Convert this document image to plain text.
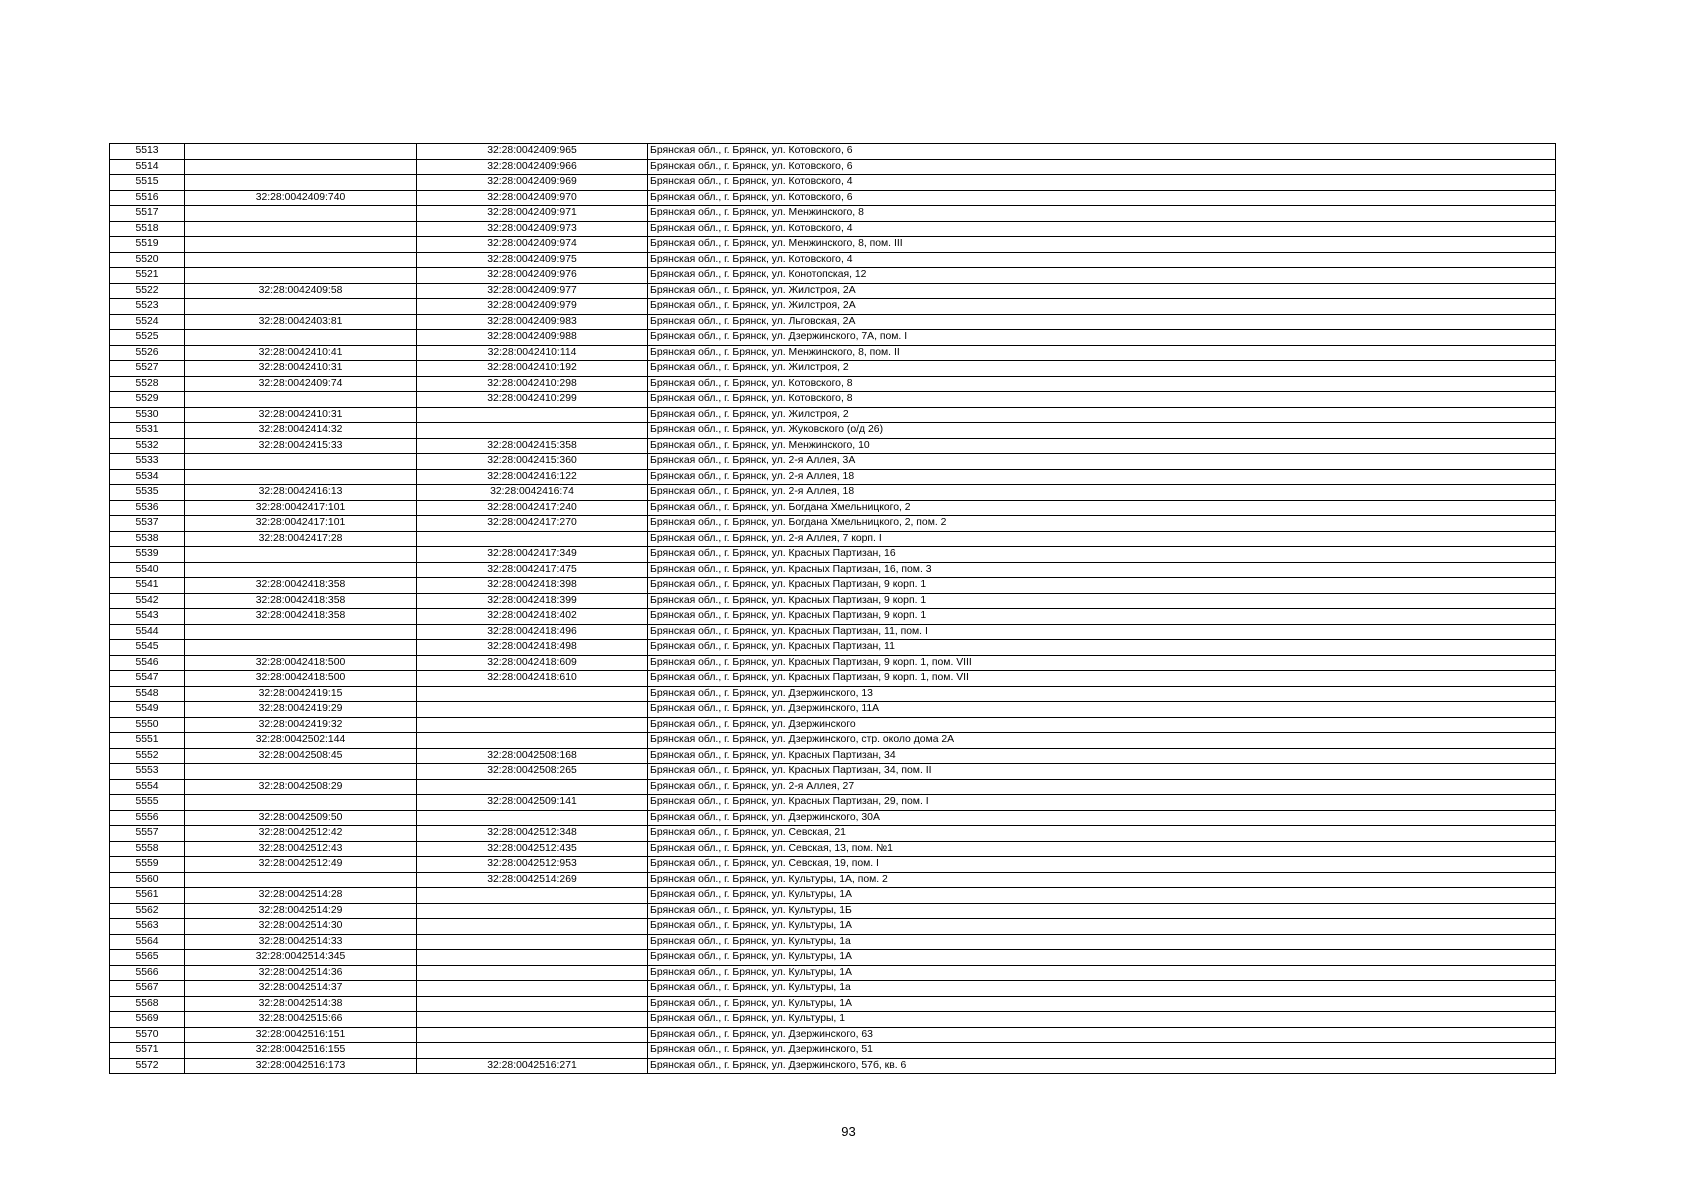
5513		32:28:0042409:965	Брянская обл., г. Брянск, ул. Котовского, 6
5514		32:28:0042409:966	Брянская обл., г. Брянск, ул. Котовского, 6
5515		32:28:0042409:969	Брянская обл., г. Брянск, ул. Котовского, 4
5516	32:28:0042409:740	32:28:0042409:970	Брянская обл., г. Брянск, ул. Котовского, 6
5517		32:28:0042409:971	Брянская обл., г. Брянск, ул. Менжинского, 8
5518		32:28:0042409:973	Брянская обл., г. Брянск, ул. Котовского, 4
5519		32:28:0042409:974	Брянская обл., г. Брянск, ул. Менжинского, 8, пом. III
5520		32:28:0042409:975	Брянская обл., г. Брянск, ул. Котовского, 4
5521		32:28:0042409:976	Брянская обл., г. Брянск, ул. Конотопская, 12
5522	32:28:0042409:58	32:28:0042409:977	Брянская обл., г. Брянск, ул. Жилстроя, 2А
5523		32:28:0042409:979	Брянская обл., г. Брянск, ул. Жилстроя, 2А
5524	32:28:0042403:81	32:28:0042409:983	Брянская обл., г. Брянск, ул. Льговская, 2А
5525		32:28:0042409:988	Брянская обл., г. Брянск, ул. Дзержинского, 7А, пом. I
5526	32:28:0042410:41	32:28:0042410:114	Брянская обл., г. Брянск, ул. Менжинского, 8, пом. II
5527	32:28:0042410:31	32:28:0042410:192	Брянская обл., г. Брянск, ул. Жилстроя, 2
5528	32:28:0042409:74	32:28:0042410:298	Брянская обл., г. Брянск, ул. Котовского, 8
5529		32:28:0042410:299	Брянская обл., г. Брянск, ул. Котовского, 8
5530	32:28:0042410:31		Брянская обл., г. Брянск, ул. Жилстроя, 2
5531	32:28:0042414:32		Брянская обл., г. Брянск, ул. Жуковского (о/д 26)
5532	32:28:0042415:33	32:28:0042415:358	Брянская обл., г. Брянск, ул. Менжинского, 10
5533		32:28:0042415:360	Брянская обл., г. Брянск, ул. 2-я Аллея, 3А
5534		32:28:0042416:122	Брянская обл., г. Брянск, ул. 2-я Аллея, 18
5535	32:28:0042416:13	32:28:0042416:74	Брянская обл., г. Брянск, ул. 2-я Аллея, 18
5536	32:28:0042417:101	32:28:0042417:240	Брянская обл., г. Брянск, ул. Богдана Хмельницкого, 2
5537	32:28:0042417:101	32:28:0042417:270	Брянская обл., г. Брянск, ул. Богдана Хмельницкого, 2, пом. 2
5538	32:28:0042417:28		Брянская обл., г. Брянск, ул. 2-я Аллея, 7 корп. I
5539		32:28:0042417:349	Брянская обл., г. Брянск, ул. Красных Партизан, 16
5540		32:28:0042417:475	Брянская обл., г. Брянск, ул. Красных Партизан, 16, пом. 3
5541	32:28:0042418:358	32:28:0042418:398	Брянская обл., г. Брянск, ул. Красных Партизан, 9 корп. 1
5542	32:28:0042418:358	32:28:0042418:399	Брянская обл., г. Брянск, ул. Красных Партизан, 9 корп. 1
5543	32:28:0042418:358	32:28:0042418:402	Брянская обл., г. Брянск, ул. Красных Партизан, 9 корп. 1
5544		32:28:0042418:496	Брянская обл., г. Брянск, ул. Красных Партизан, 11, пом. I
5545		32:28:0042418:498	Брянская обл., г. Брянск, ул. Красных Партизан, 11
5546	32:28:0042418:500	32:28:0042418:609	Брянская обл., г. Брянск, ул. Красных Партизан, 9 корп. 1, пом. VIII
5547	32:28:0042418:500	32:28:0042418:610	Брянская обл., г. Брянск, ул. Красных Партизан, 9 корп. 1, пом. VII
5548	32:28:0042419:15		Брянская обл., г. Брянск, ул. Дзержинского, 13
5549	32:28:0042419:29		Брянская обл., г. Брянск, ул. Дзержинского, 11А
5550	32:28:0042419:32		Брянская обл., г. Брянск, ул. Дзержинского
5551	32:28:0042502:144		Брянская обл., г. Брянск, ул. Дзержинского, стр. около дома 2А
5552	32:28:0042508:45	32:28:0042508:168	Брянская обл., г. Брянск, ул. Красных Партизан, 34
5553		32:28:0042508:265	Брянская обл., г. Брянск, ул. Красных Партизан, 34, пом. II
5554	32:28:0042508:29		Брянская обл., г. Брянск, ул. 2-я Аллея, 27
5555		32:28:0042509:141	Брянская обл., г. Брянск, ул. Красных Партизан, 29, пом. I
5556	32:28:0042509:50		Брянская обл., г. Брянск, ул. Дзержинского, 30А
5557	32:28:0042512:42	32:28:0042512:348	Брянская обл., г. Брянск, ул. Севская, 21
5558	32:28:0042512:43	32:28:0042512:435	Брянская обл., г. Брянск, ул. Севская, 13, пом. №1
5559	32:28:0042512:49	32:28:0042512:953	Брянская обл., г. Брянск, ул. Севская, 19, пом. I
5560		32:28:0042514:269	Брянская обл., г. Брянск, ул. Культуры, 1А, пом. 2
5561	32:28:0042514:28		Брянская обл., г. Брянск, ул. Культуры, 1А
5562	32:28:0042514:29		Брянская обл., г. Брянск, ул. Культуры, 1Б
5563	32:28:0042514:30		Брянская обл., г. Брянск, ул. Культуры, 1А
5564	32:28:0042514:33		Брянская обл., г. Брянск, ул. Культуры, 1а
5565	32:28:0042514:345		Брянская обл., г. Брянск, ул. Культуры, 1А
5566	32:28:0042514:36		Брянская обл., г. Брянск, ул. Культуры, 1А
5567	32:28:0042514:37		Брянская обл., г. Брянск, ул. Культуры, 1а
5568	32:28:0042514:38		Брянская обл., г. Брянск, ул. Культуры, 1А
5569	32:28:0042515:66		Брянская обл., г. Брянск, ул. Культуры, 1
5570	32:28:0042516:151		Брянская обл., г. Брянск, ул. Дзержинского, 63
5571	32:28:0042516:155		Брянская обл., г. Брянск, ул. Дзержинского, 51
5572	32:28:0042516:173	32:28:0042516:271	Брянская обл., г. Брянск, ул. Дзержинского, 57б, кв. 6
93
